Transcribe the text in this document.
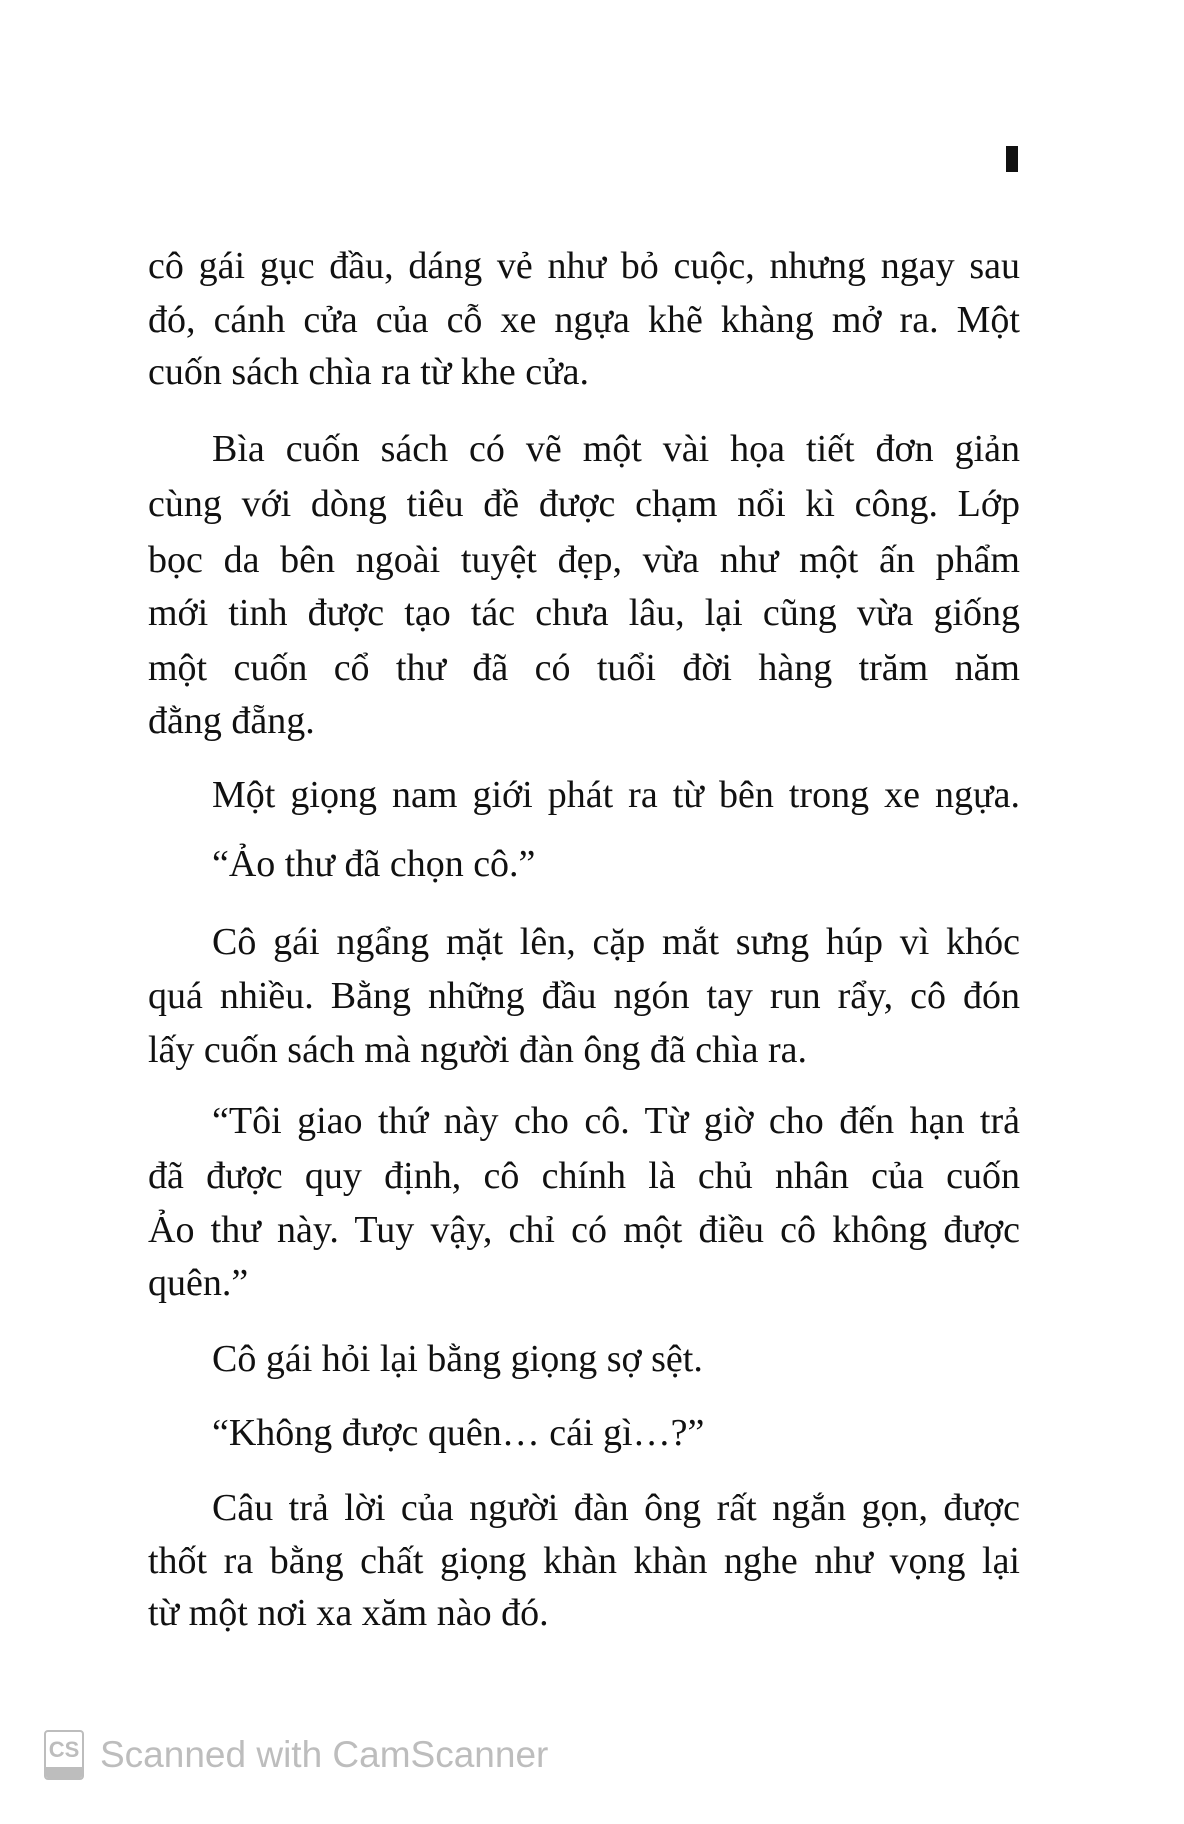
cô gái gục đầu, dáng vẻ như bỏ cuộc, nhưng ngay sau
đó, cánh cửa của cỗ xe ngựa khẽ khàng mở ra. Một
cuốn sách chìa ra từ khe cửa.
Bìa cuốn sách có vẽ một vài họa tiết đơn giản
cùng với dòng tiêu đề được chạm nổi kì công. Lớp
bọc da bên ngoài tuyệt đẹp, vừa như một ấn phẩm
mới tinh được tạo tác chưa lâu, lại cũng vừa giống
một cuốn cổ thư đã có tuổi đời hàng trăm năm
đằng đẵng.
Một giọng nam giới phát ra từ bên trong xe ngựa.
“Ảo thư đã chọn cô.”
Cô gái ngẩng mặt lên, cặp mắt sưng húp vì khóc
quá nhiều. Bằng những đầu ngón tay run rẩy, cô đón
lấy cuốn sách mà người đàn ông đã chìa ra.
“Tôi giao thứ này cho cô. Từ giờ cho đến hạn trả
đã được quy định, cô chính là chủ nhân của cuốn
Ảo thư này. Tuy vậy, chỉ có một điều cô không được
quên.”
Cô gái hỏi lại bằng giọng sợ sệt.
“Không được quên… cái gì…?”
Câu trả lời của người đàn ông rất ngắn gọn, được
thốt ra bằng chất giọng khàn khàn nghe như vọng lại
từ một nơi xa xăm nào đó.
CS Scanned with CamScanner
